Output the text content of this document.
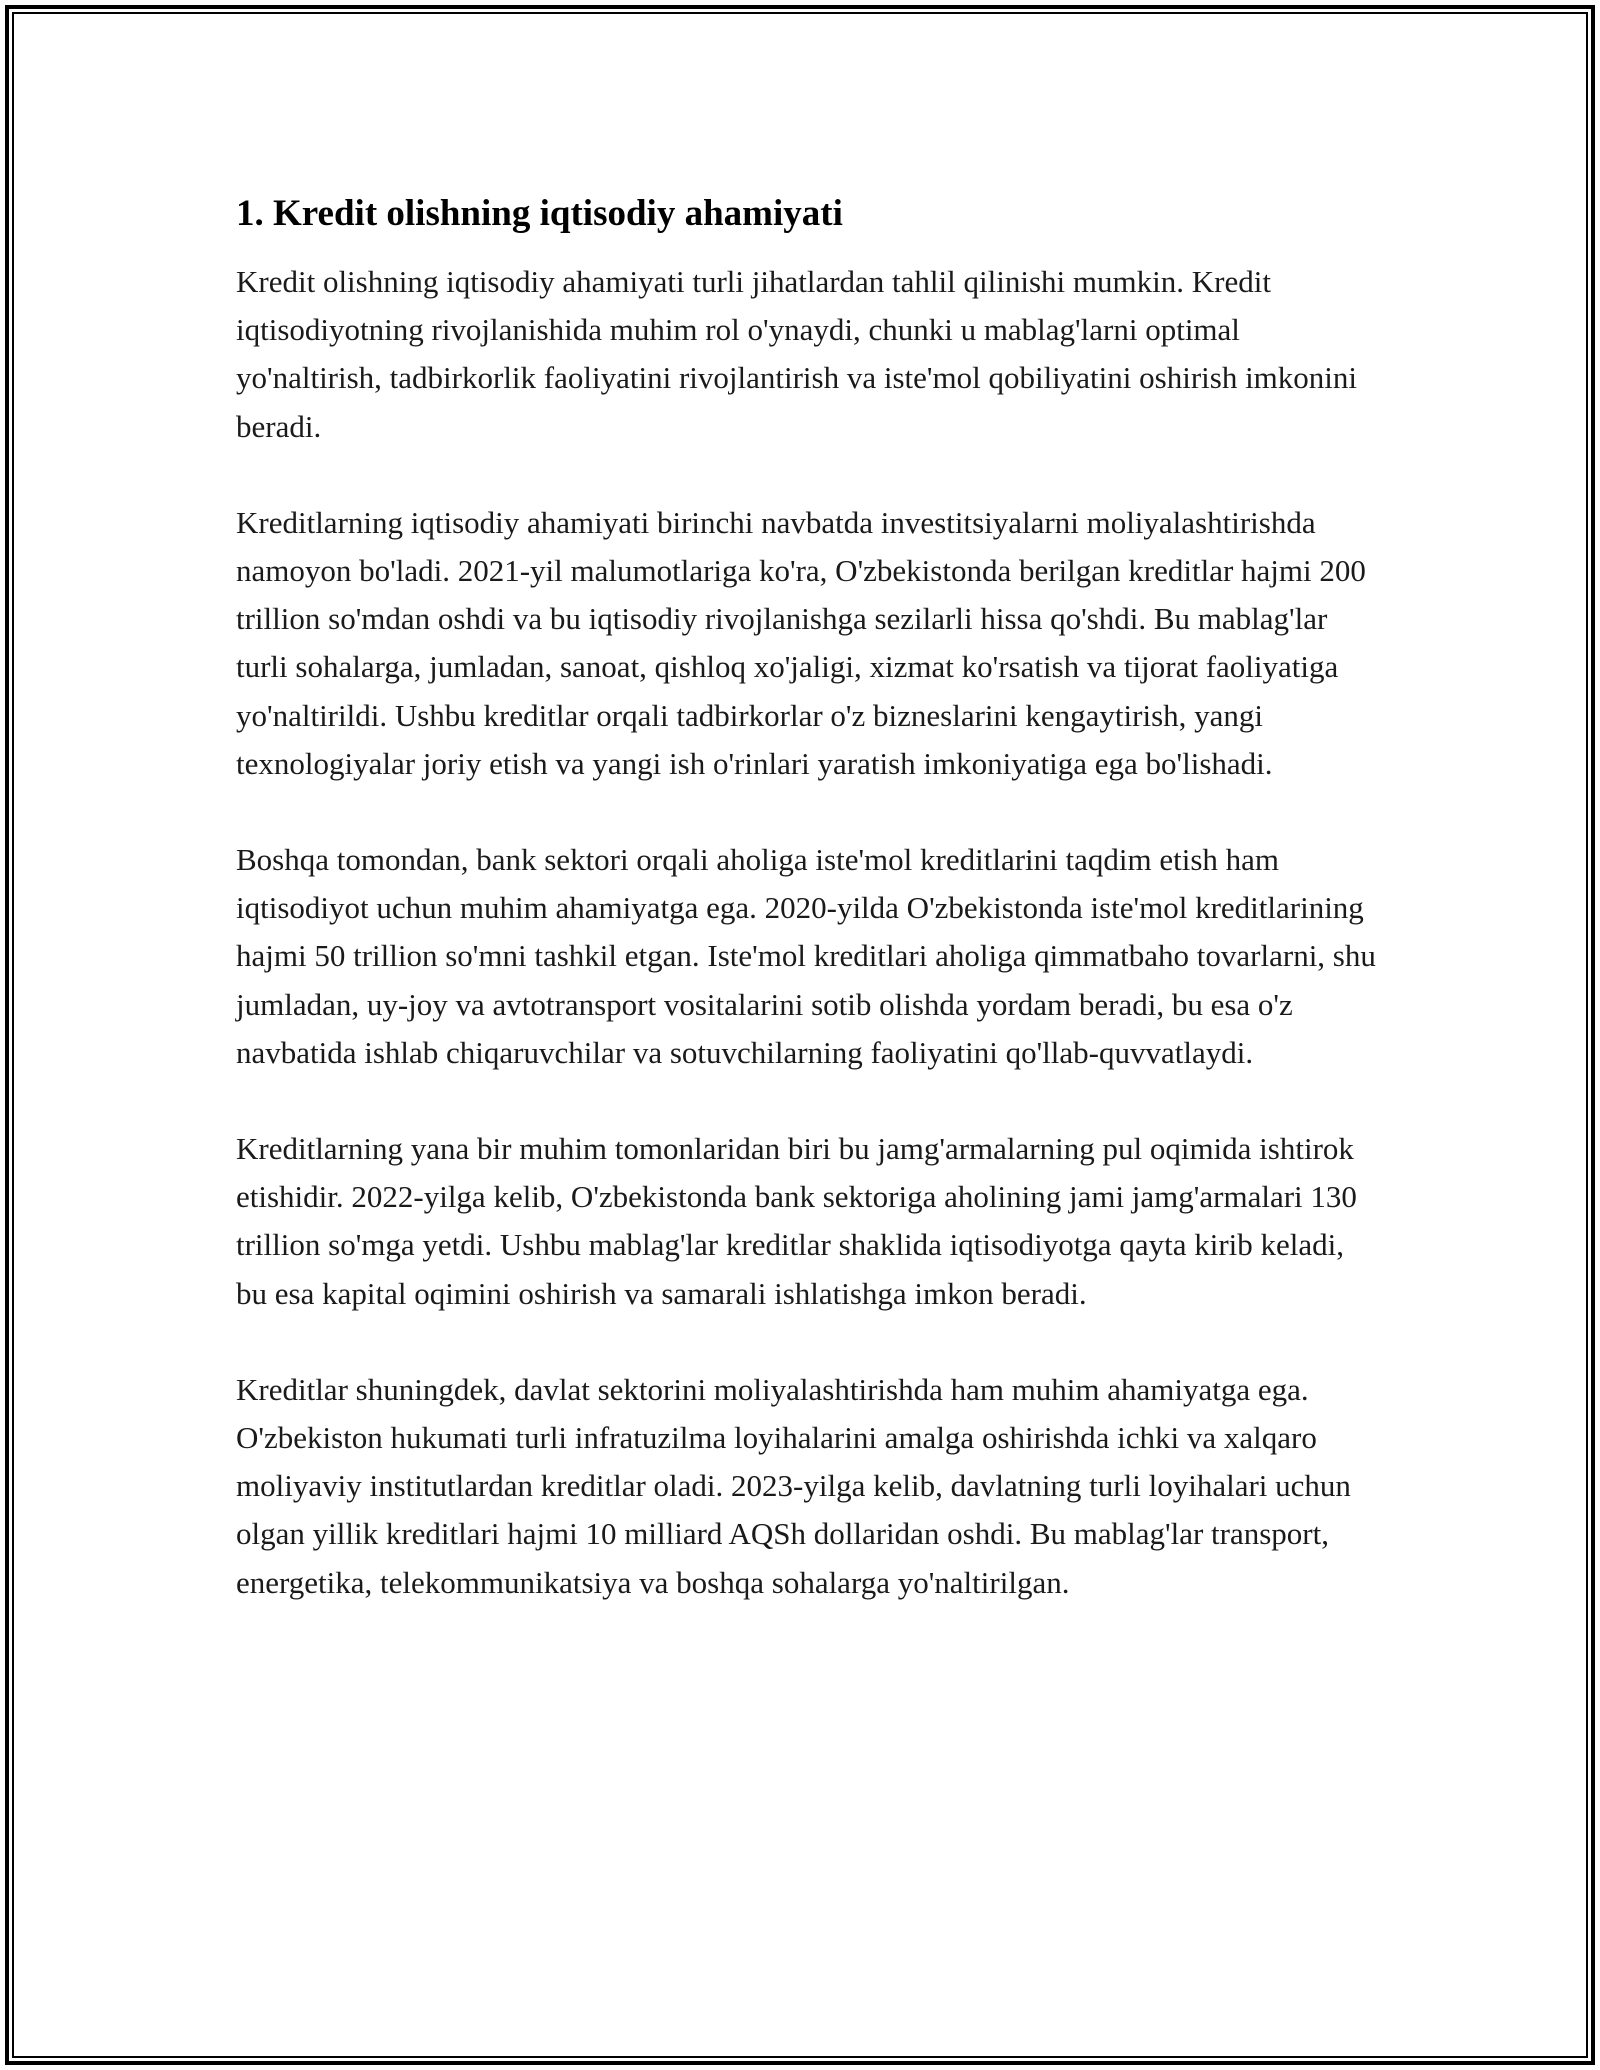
1. Kredit olishning iqtisodiy ahamiyati

Kredit olishning iqtisodiy ahamiyati turli jihatlardan tahlil qilinishi mumkin. Kredit iqtisodiyotning rivojlanishida muhim rol o'ynaydi, chunki u mablag'larni optimal yo'naltirish, tadbirkorlik faoliyatini rivojlantirish va iste'mol qobiliyatini oshirish imkonini beradi.

Kreditlarning iqtisodiy ahamiyati birinchi navbatda investitsiyalarni moliyalashtirishda namoyon bo'ladi. 2021-yil malumotlariga ko'ra, O'zbekistonda berilgan kreditlar hajmi 200 trillion so'mdan oshdi va bu iqtisodiy rivojlanishga sezilarli hissa qo'shdi. Bu mablag'lar turli sohalarga, jumladan, sanoat, qishloq xo'jaligi, xizmat ko'rsatish va tijorat faoliyatiga yo'naltirildi. Ushbu kreditlar orqali tadbirkorlar o'z bizneslarini kengaytirish, yangi texnologiyalar joriy etish va yangi ish o'rinlari yaratish imkoniyatiga ega bo'lishadi.

Boshqa tomondan, bank sektori orqali aholiga iste'mol kreditlarini taqdim etish ham iqtisodiyot uchun muhim ahamiyatga ega. 2020-yilda O'zbekistonda iste'mol kreditlarining hajmi 50 trillion so'mni tashkil etgan. Iste'mol kreditlari aholiga qimmatbaho tovarlarni, shu jumladan, uy-joy va avtotransport vositalarini sotib olishda yordam beradi, bu esa o'z navbatida ishlab chiqaruvchilar va sotuvchilarning faoliyatini qo'llab-quvvatlaydi.

Kreditlarning yana bir muhim tomonlaridan biri bu jamg'armalarning pul oqimida ishtirok etishidir. 2022-yilga kelib, O'zbekistonda bank sektoriga aholining jami jamg'armalari 130 trillion so'mga yetdi. Ushbu mablag'lar kreditlar shaklida iqtisodiyotga qayta kirib keladi, bu esa kapital oqimini oshirish va samarali ishlatishga imkon beradi.

Kreditlar shuningdek, davlat sektorini moliyalashtirishda ham muhim ahamiyatga ega. O'zbekiston hukumati turli infratuzilma loyihalarini amalga oshirishda ichki va xalqaro moliyaviy institutlardan kreditlar oladi. 2023-yilga kelib, davlatning turli loyihalari uchun olgan yillik kreditlari hajmi 10 milliard AQSh dollaridan oshdi. Bu mablag'lar transport, energetika, telekommunikatsiya va boshqa sohalarga yo'naltirilgan.
